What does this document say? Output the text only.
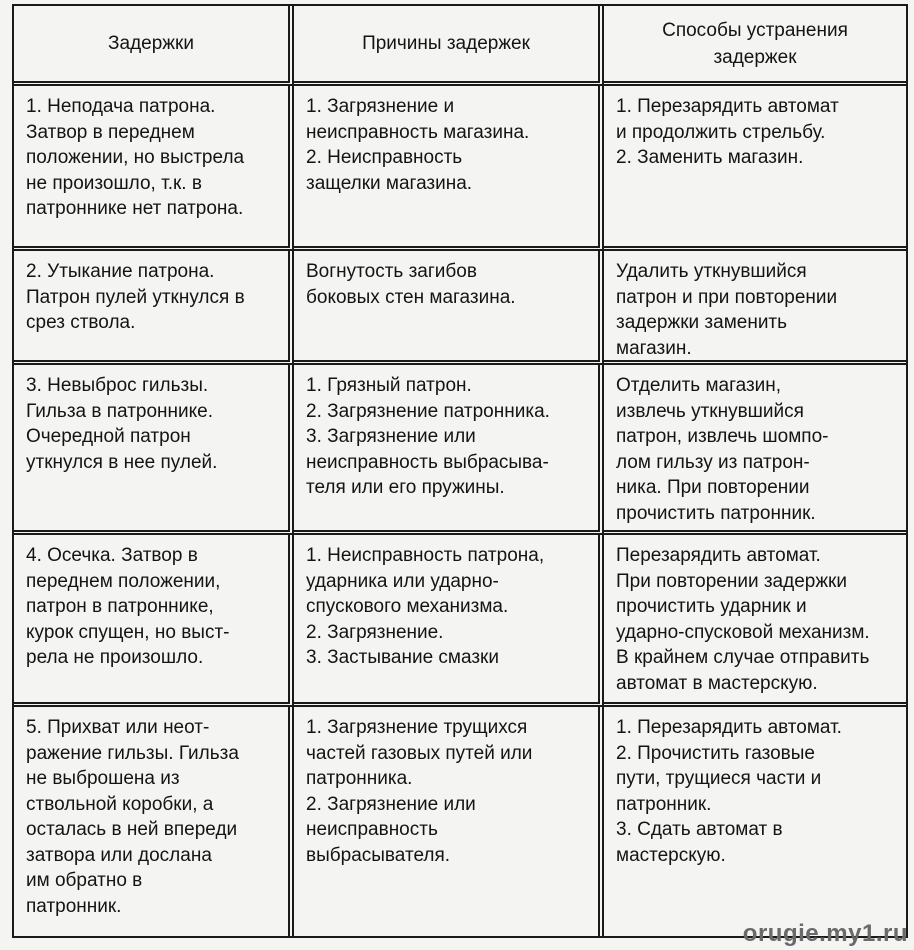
Задержки	Причины задержек
Способы устранения
задержек
1. Неподача патрона.
Затвор в переднем
положении, но выстрела
не произошло, т.к. в
патроннике нет патрона.
1. Загрязнение и
неисправность магазина.
2. Неисправность
защелки магазина.
1. Перезарядить автомат
и продолжить стрельбу.
2. Заменить магазин.
2. Утыкание патрона.
Патрон пулей уткнулся в
срез ствола.
Вогнутость загибов
боковых стен магазина.
Удалить уткнувшийся
патрон и при повторении
задержки заменить
магазин.
3. Невыброс гильзы.
Гильза в патроннике.
Очередной патрон
уткнулся в нее пулей.
1. Грязный патрон.
2. Загрязнение патронника.
3. Загрязнение или
неисправность выбрасыва-
теля или его пружины.
Отделить магазин,
извлечь уткнувшийся
патрон, извлечь шомпо-
лом гильзу из патрон-
ника. При повторении
прочистить патронник.
4. Осечка. Затвор в
переднем положении,
патрон в патроннике,
курок спущен, но выст-
рела не произошло.
1. Неисправность патрона,
ударника или ударно-
спускового механизма.
2. Загрязнение.
3. Застывание смазки
Перезарядить автомат.
При повторении задержки
прочистить ударник и
ударно-спусковой механизм.
В крайнем случае отправить
автомат в мастерскую.
5. Прихват или неот-
ражение гильзы. Гильза
не выброшена из
ствольной коробки, а
осталась в ней впереди
затвора или дослана
им обратно в
патронник.
1. Загрязнение трущихся
частей газовых путей или
патронника.
2. Загрязнение или
неисправность
выбрасывателя.
1. Перезарядить автомат.
2. Прочистить газовые
пути, трущиеся части и
патронник.
3. Сдать автомат в
мастерскую.
orugie.my1.ru
